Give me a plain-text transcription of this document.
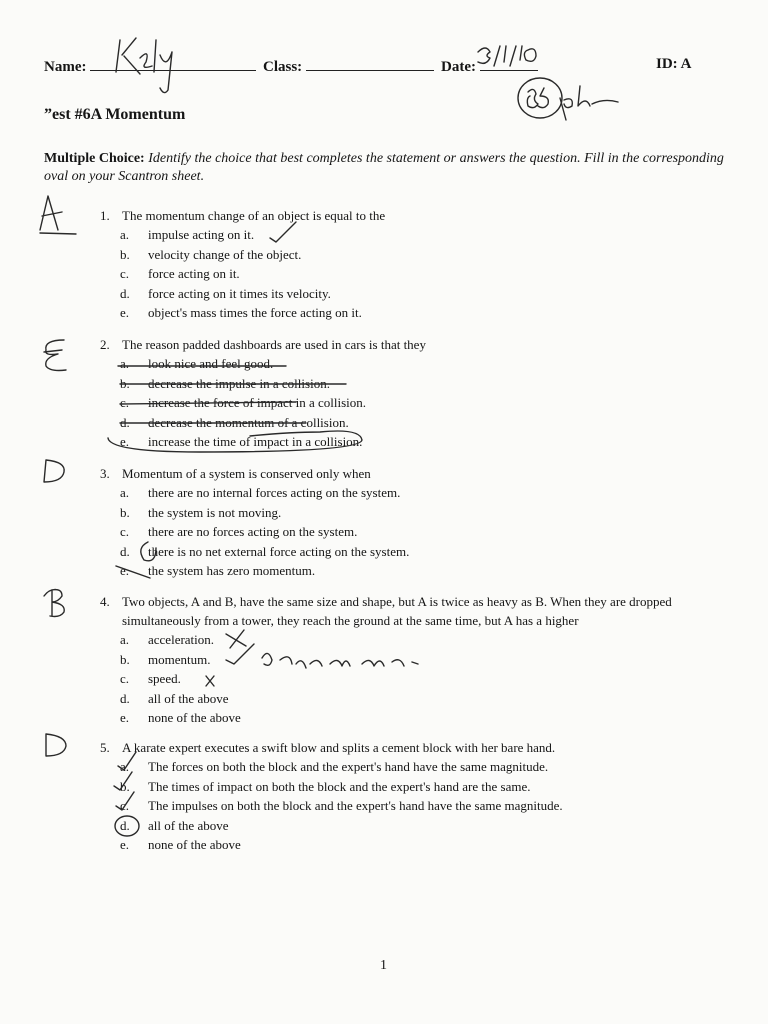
Name:	Class:	Date:	ID: A
”est #6A Momentum
Multiple Choice: Identify the choice that best completes the statement or answers the question. Fill in the corresponding oval on your Scantron sheet.
1. The momentum change of an object is equal to the
a.	impulse acting on it.
b.	velocity change of the object.
c.	force acting on it.
d.	force acting on it times its velocity.
e.	object's mass times the force acting on it.
2. The reason padded dashboards are used in cars is that they
a.	look nice and feel good.
b.	decrease the impulse in a collision.
c.	increase the force of impact in a collision.
d.	decrease the momentum of a collision.
e.	increase the time of impact in a collision.
3. Momentum of a system is conserved only when
a.	there are no internal forces acting on the system.
b.	the system is not moving.
c.	there are no forces acting on the system.
d.	there is no net external force acting on the system.
e.	the system has zero momentum.
4. Two objects, A and B, have the same size and shape, but A is twice as heavy as B. When they are dropped simultaneously from a tower, they reach the ground at the same time, but A has a higher
a.	acceleration.
b.	momentum.
c.	speed.
d.	all of the above
e.	none of the above
5. A karate expert executes a swift blow and splits a cement block with her bare hand.
a.	The forces on both the block and the expert's hand have the same magnitude.
b.	The times of impact on both the block and the expert's hand are the same.
c.	The impulses on both the block and the expert's hand have the same magnitude.
d.	all of the above
e.	none of the above
1
